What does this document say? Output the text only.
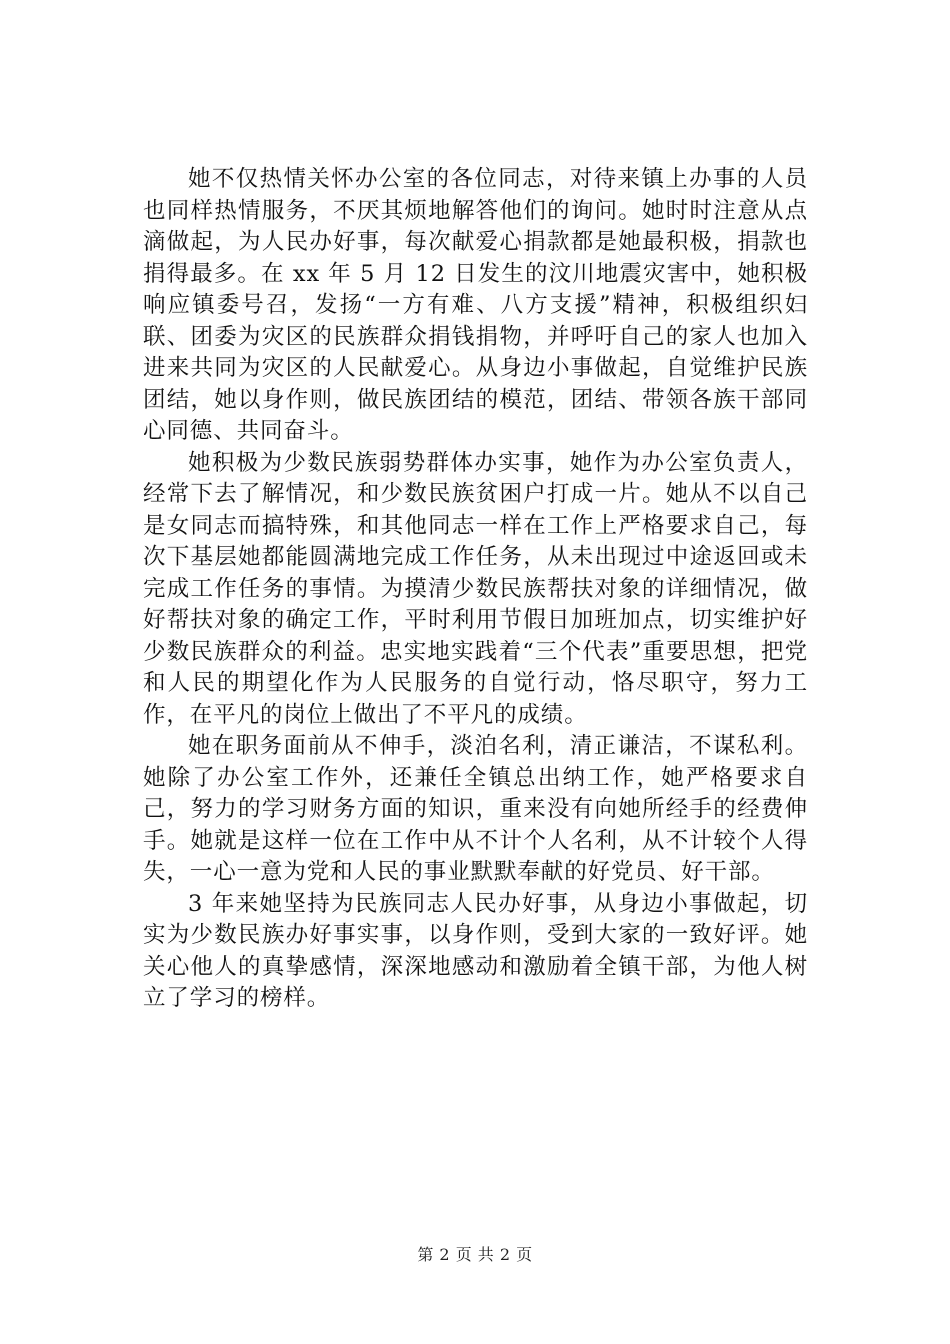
她不仅热情关怀办公室的各位同志，对待来镇上办事的人员也同样热情服务，不厌其烦地解答他们的询问。她时时注意从点滴做起，为人民办好事，每次献爱心捐款都是她最积极，捐款也捐得最多。在 xx 年 5 月 12 日发生的汶川地震灾害中，她积极响应镇委号召，发扬“一方有难、八方支援”精神，积极组织妇联、团委为灾区的民族群众捐钱捐物，并呼吁自己的家人也加入进来共同为灾区的人民献爱心。从身边小事做起，自觉维护民族团结，她以身作则，做民族团结的模范，团结、带领各族干部同心同德、共同奋斗。

她积极为少数民族弱势群体办实事，她作为办公室负责人，经常下去了解情况，和少数民族贫困户打成一片。她从不以自己是女同志而搞特殊，和其他同志一样在工作上严格要求自己，每次下基层她都能圆满地完成工作任务，从未出现过中途返回或未完成工作任务的事情。为摸清少数民族帮扶对象的详细情况，做好帮扶对象的确定工作，平时利用节假日加班加点，切实维护好少数民族群众的利益。忠实地实践着“三个代表”重要思想，把党和人民的期望化作为人民服务的自觉行动，恪尽职守，努力工作，在平凡的岗位上做出了不平凡的成绩。

她在职务面前从不伸手，淡泊名利，清正谦洁，不谋私利。她除了办公室工作外，还兼任全镇总出纳工作，她严格要求自己，努力的学习财务方面的知识，重来没有向她所经手的经费伸手。她就是这样一位在工作中从不计个人名利，从不计较个人得失，一心一意为党和人民的事业默默奉献的好党员、好干部。

3 年来她坚持为民族同志人民办好事，从身边小事做起，切实为少数民族办好事实事，以身作则，受到大家的一致好评。她关心他人的真挚感情，深深地感动和激励着全镇干部，为他人树立了学习的榜样。

第 2 页 共 2 页
